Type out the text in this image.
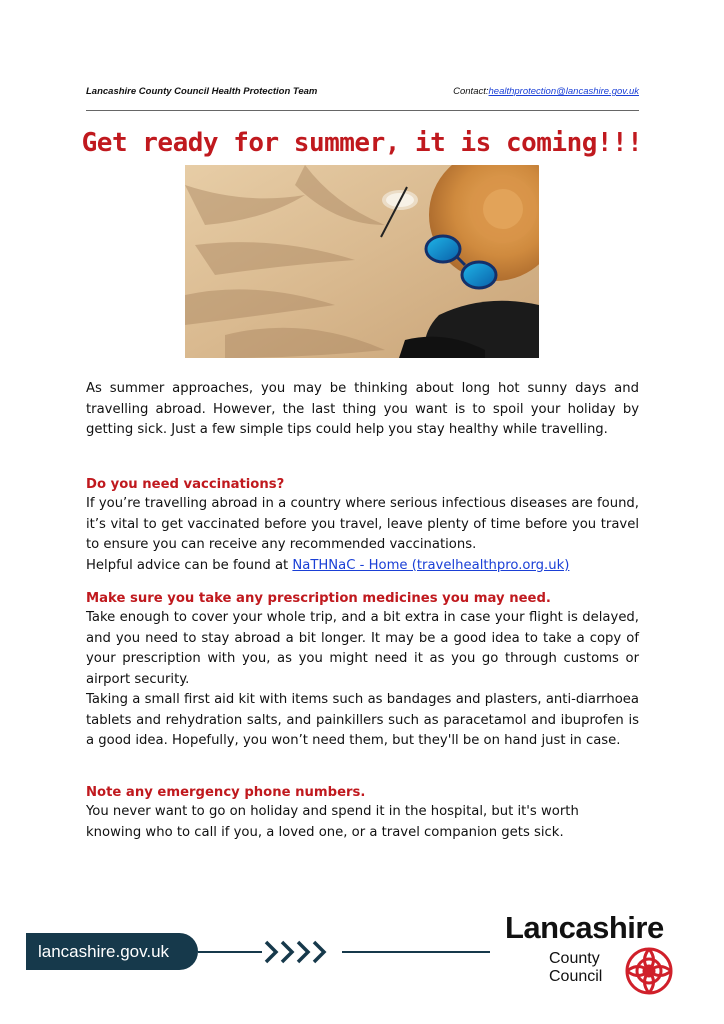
Lancashire County Council Health Protection Team	Contact:healthprotection@lancashire.gov.uk
Get ready for summer, it is coming!!!

As summer approaches, you may be thinking about long hot sunny days and travelling abroad. However, the last thing you want is to spoil your holiday by getting sick. Just a few simple tips could help you stay healthy while travelling.

Do you need vaccinations?

If you’re travelling abroad in a country where serious infectious diseases are found, it’s vital to get vaccinated before you travel, leave plenty of time before you travel to ensure you can receive any recommended vaccinations.

Helpful advice can be found at NaTHNaC - Home (travelhealthpro.org.uk)

Make sure you take any prescription medicines you may need.

Take enough to cover your whole trip, and a bit extra in case your flight is delayed, and you need to stay abroad a bit longer. It may be a good idea to take a copy of your prescription with you, as you might need it as you go through customs or airport security.

Taking a small first aid kit with items such as bandages and plasters, anti-diarrhoea tablets and rehydration salts, and painkillers such as paracetamol and ibuprofen is a good idea. Hopefully, you won’t need them, but they'll be on hand just in case.

Note any emergency phone numbers.

You never want to go on holiday and spend it in the hospital, but it's worth knowing who to call if you, a loved one, or a travel companion gets sick.

lancashire.gov.uk
Lancashire
County
Council
